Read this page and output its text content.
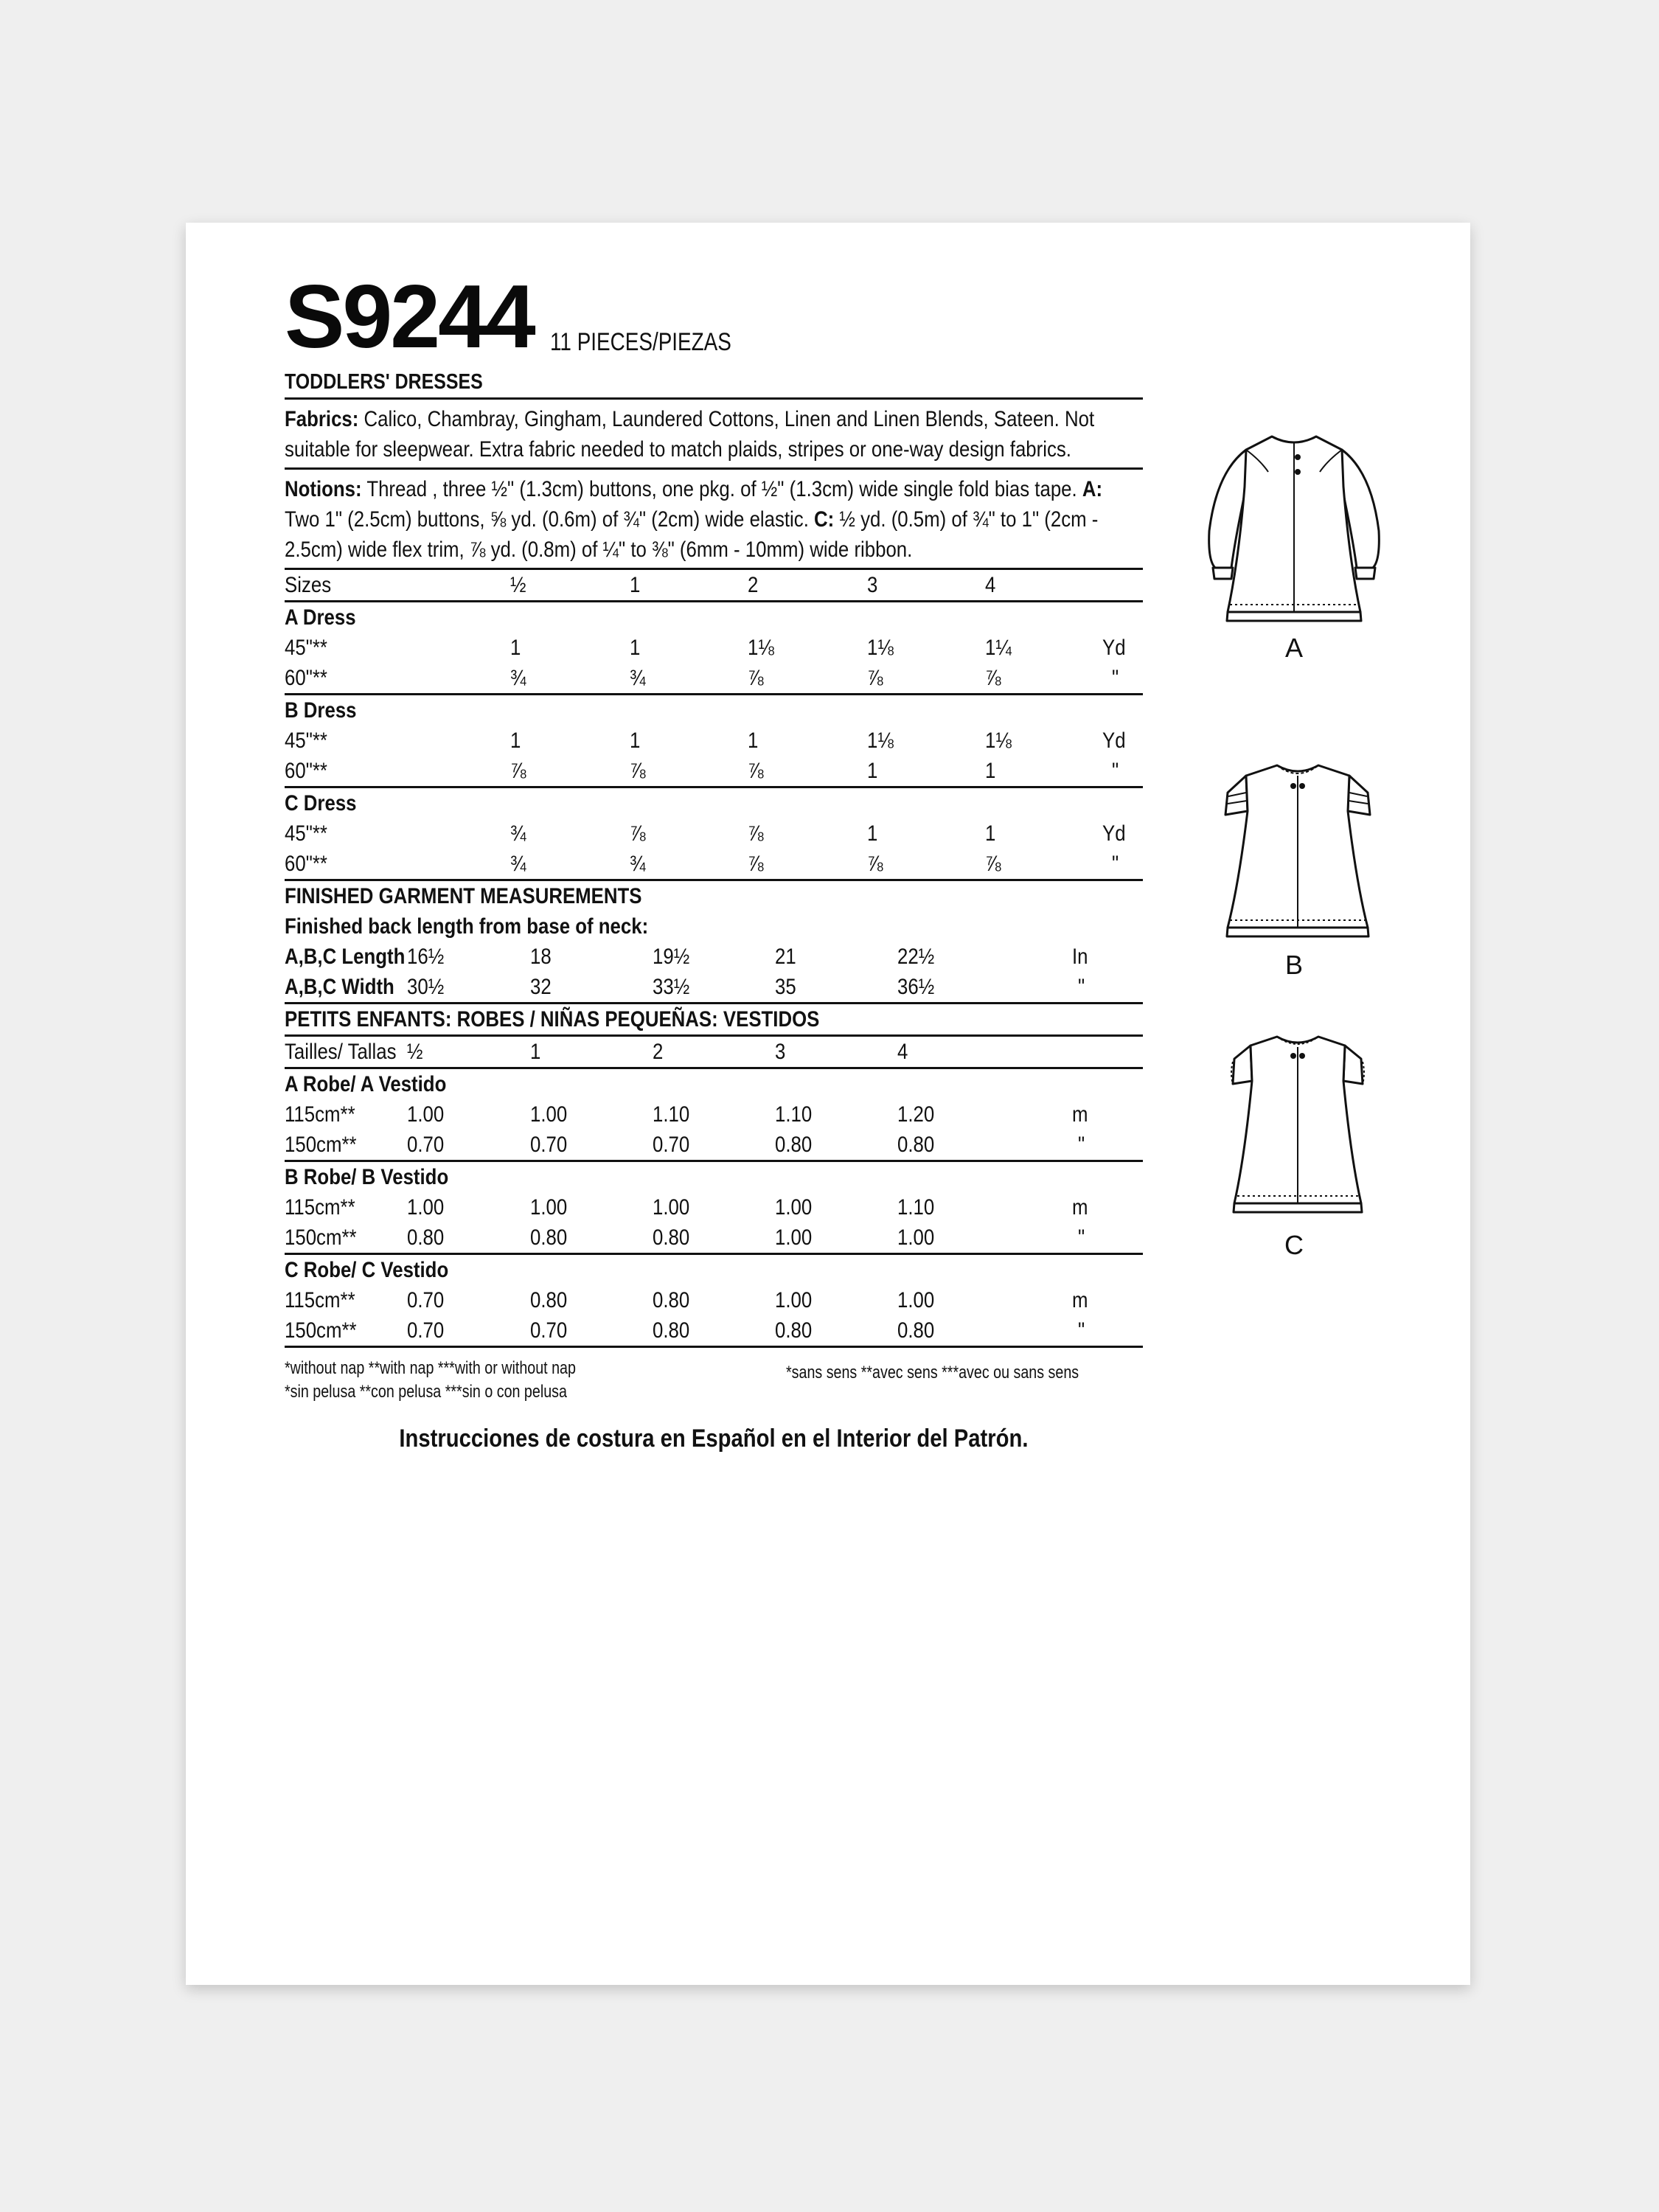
S9244 11 PIECES/PIEZAS
TODDLERS' DRESSES
Fabrics: Calico, Chambray, Gingham, Laundered Cottons, Linen and Linen Blends, Sateen. Not suitable for sleepwear. Extra fabric needed to match plaids, stripes or one-way design fabrics.
Notions: Thread , three ½" (1.3cm) buttons, one pkg. of ½" (1.3cm) wide single fold bias tape. A: Two 1" (2.5cm) buttons, ⅝ yd. (0.6m) of ¾" (2cm) wide elastic. C: ½ yd. (0.5m) of ¾" to 1" (2cm - 2.5cm) wide flex trim, ⅞ yd. (0.8m) of ¼" to ⅜" (6mm - 10mm) wide ribbon.
Sizes	½	1	2	3	4	
A Dress						
45"**	1	1	1⅛	1⅛	1¼	Yd
60"**	¾	¾	⅞	⅞	⅞	"
B Dress						
45"**	1	1	1	1⅛	1⅛	Yd
60"**	⅞	⅞	⅞	1	1	"
C Dress						
45"**	¾	⅞	⅞	1	1	Yd
60"**	¾	¾	⅞	⅞	⅞	"
FINISHED GARMENT MEASUREMENTS						
Finished back length from base of neck:						
A,B,C Length	16½	18	19½	21	22½	In
A,B,C Width	30½	32	33½	35	36½	"
PETITS ENFANTS: ROBES / NIÑAS PEQUEÑAS: VESTIDOS						
Tailles/ Tallas	½	1	2	3	4	
A Robe/ A Vestido						
115cm**	1.00	1.00	1.10	1.10	1.20	m
150cm**	0.70	0.70	0.70	0.80	0.80	"
B Robe/ B Vestido						
115cm**	1.00	1.00	1.00	1.00	1.10	m
150cm**	0.80	0.80	0.80	1.00	1.00	"
C Robe/ C Vestido						
115cm**	0.70	0.80	0.80	1.00	1.00	m
150cm**	0.70	0.70	0.80	0.80	0.80	"
*without nap **with nap ***with or without nap
*sin pelusa **con pelusa ***sin o con pelusa
*sans sens **avec sens ***avec ou sans sens
Instrucciones de costura en Español en el Interior del Patrón.
A
B
C
